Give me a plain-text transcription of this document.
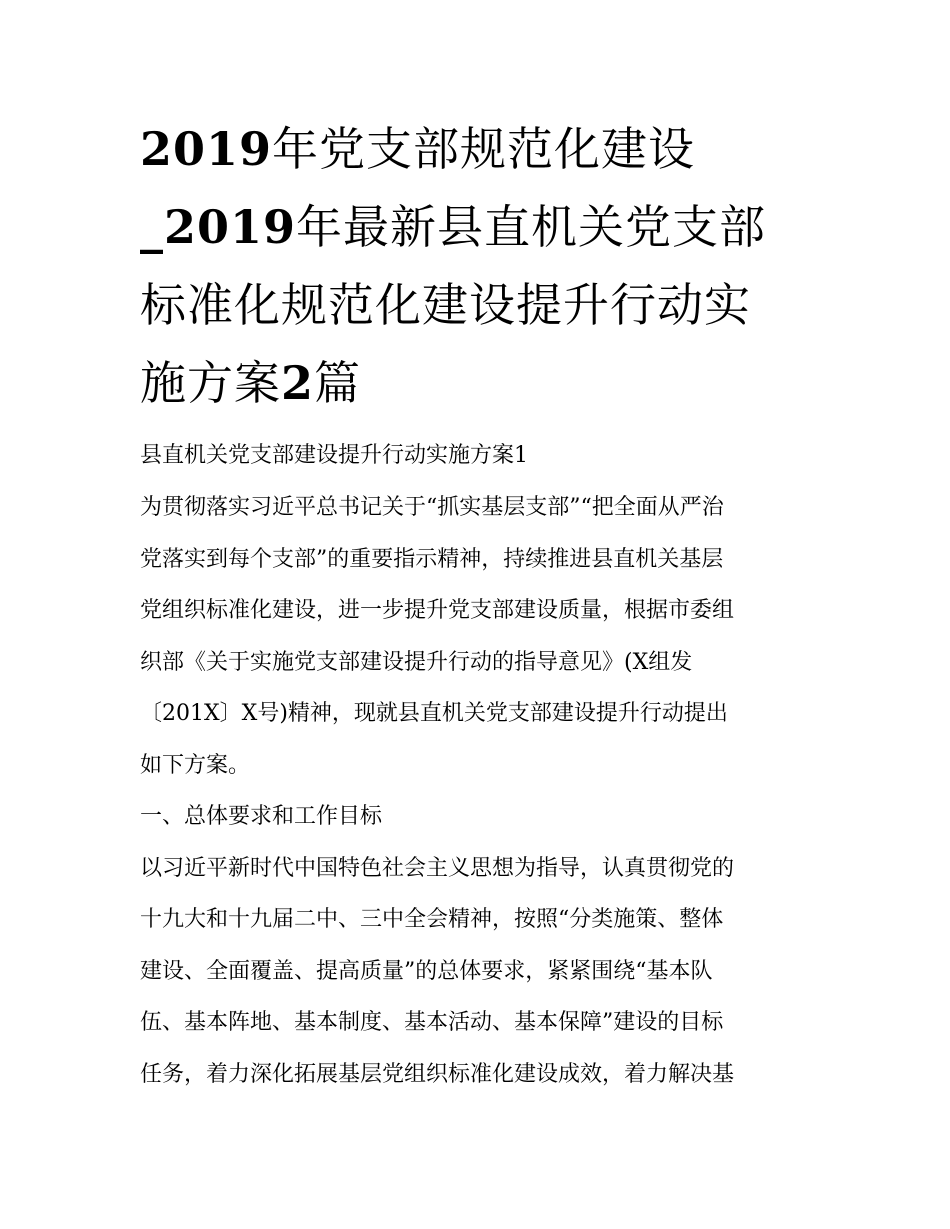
2019年党支部规范化建设
_2019年最新县直机关党支部
标准化规范化建设提升行动实
施方案2篇
县直机关党支部建设提升行动实施方案1

为贯彻落实习近平总书记关于“抓实基层支部”“把全面从严治
党落实到每个支部”的重要指示精神，持续推进县直机关基层
党组织标准化建设，进一步提升党支部建设质量，根据市委组
织部《关于实施党支部建设提升行动的指导意见》(X组发
〔201X〕X号)精神，现就县直机关党支部建设提升行动提出
如下方案。

一、总体要求和工作目标

以习近平新时代中国特色社会主义思想为指导，认真贯彻党的
十九大和十九届二中、三中全会精神，按照“分类施策、整体
建设、全面覆盖、提高质量”的总体要求，紧紧围绕“基本队
伍、基本阵地、基本制度、基本活动、基本保障”建设的目标
任务，着力深化拓展基层党组织标准化建设成效，着力解决基
